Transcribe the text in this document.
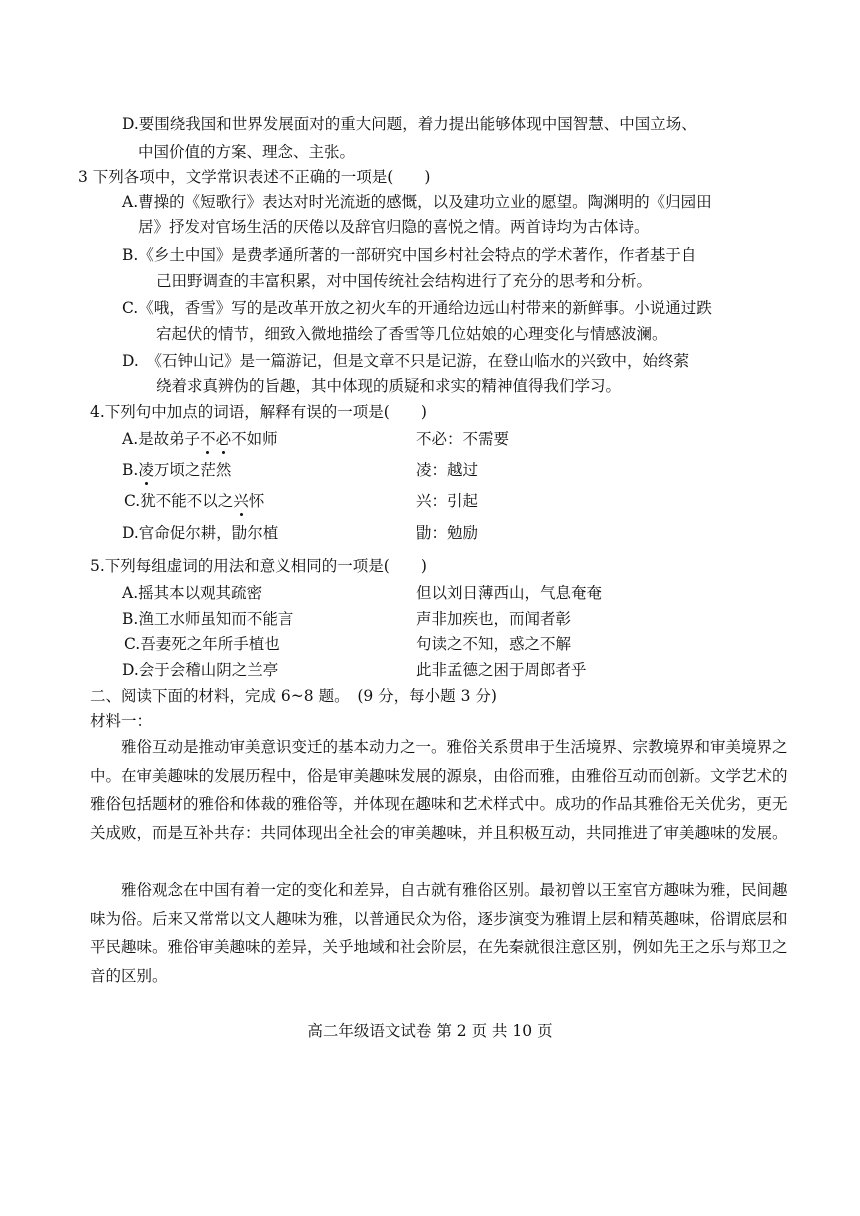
D.要围绕我国和世界发展面对的重大问题，着力提出能够体现中国智慧、中国立场、
中国价值的方案、理念、主张。
3 下列各项中，文学常识表述不正确的一项是(　　)
A.曹操的《短歌行》表达对时光流逝的感慨，以及建功立业的愿望。陶渊明的《归园田
居》抒发对官场生活的厌倦以及辞官归隐的喜悦之情。两首诗均为古体诗。
B.《乡土中国》是费孝通所著的一部研究中国乡村社会特点的学术著作，作者基于自
己田野调查的丰富积累，对中国传统社会结构进行了充分的思考和分析。
C.《哦，香雪》写的是改革开放之初火车的开通给边远山村带来的新鲜事。小说通过跌
宕起伏的情节，细致入微地描绘了香雪等几位姑娘的心理变化与情感波澜。
D.　《石钟山记》是一篇游记，但是文章不只是记游，在登山临水的兴致中，始终萦
绕着求真辨伪的旨趣，其中体现的质疑和求实的精神值得我们学习。
4.下列句中加点的词语，解释有误的一项是(　　)
A.是故弟子不必不如师	不必：不需要
B.凌万顷之茫然	凌：越过
C.犹不能不以之兴怀	兴：引起
D.官命促尔耕，勖尔植	勖：勉励
5.下列每组虚词的用法和意义相同的一项是(　　)
A.摇其本以观其疏密	但以刘日薄西山，气息奄奄
B.渔工水师虽知而不能言	声非加疾也，而闻者彰
C.吾妻死之年所手植也	句读之不知，惑之不解
D.会于会稽山阴之兰亭	此非孟德之困于周郎者乎
二、阅读下面的材料，完成 6~8 题。　(9 分，每小题 3 分)
材料一：
雅俗互动是推动审美意识变迁的基本动力之一。雅俗关系贯串于生活境界、宗教境界和审美境界之中。在审美趣味的发展历程中，俗是审美趣味发展的源泉，由俗而雅，由雅俗互动而创新。文学艺术的雅俗包括题材的雅俗和体裁的雅俗等，并体现在趣味和艺术样式中。成功的作品其雅俗无关优劣，更无关成败，而是互补共存：共同体现出全社会的审美趣味，并且积极互动，共同推进了审美趣味的发展。
雅俗观念在中国有着一定的变化和差异，自古就有雅俗区别。最初曾以王室官方趣味为雅，民间趣味为俗。后来又常常以文人趣味为雅，以普通民众为俗，逐步演变为雅谓上层和精英趣味，俗谓底层和平民趣味。雅俗审美趣味的差异，关乎地域和社会阶层，在先秦就很注意区别，例如先王之乐与郑卫之音的区别。
高二年级语文试卷 第 2 页 共 10 页
